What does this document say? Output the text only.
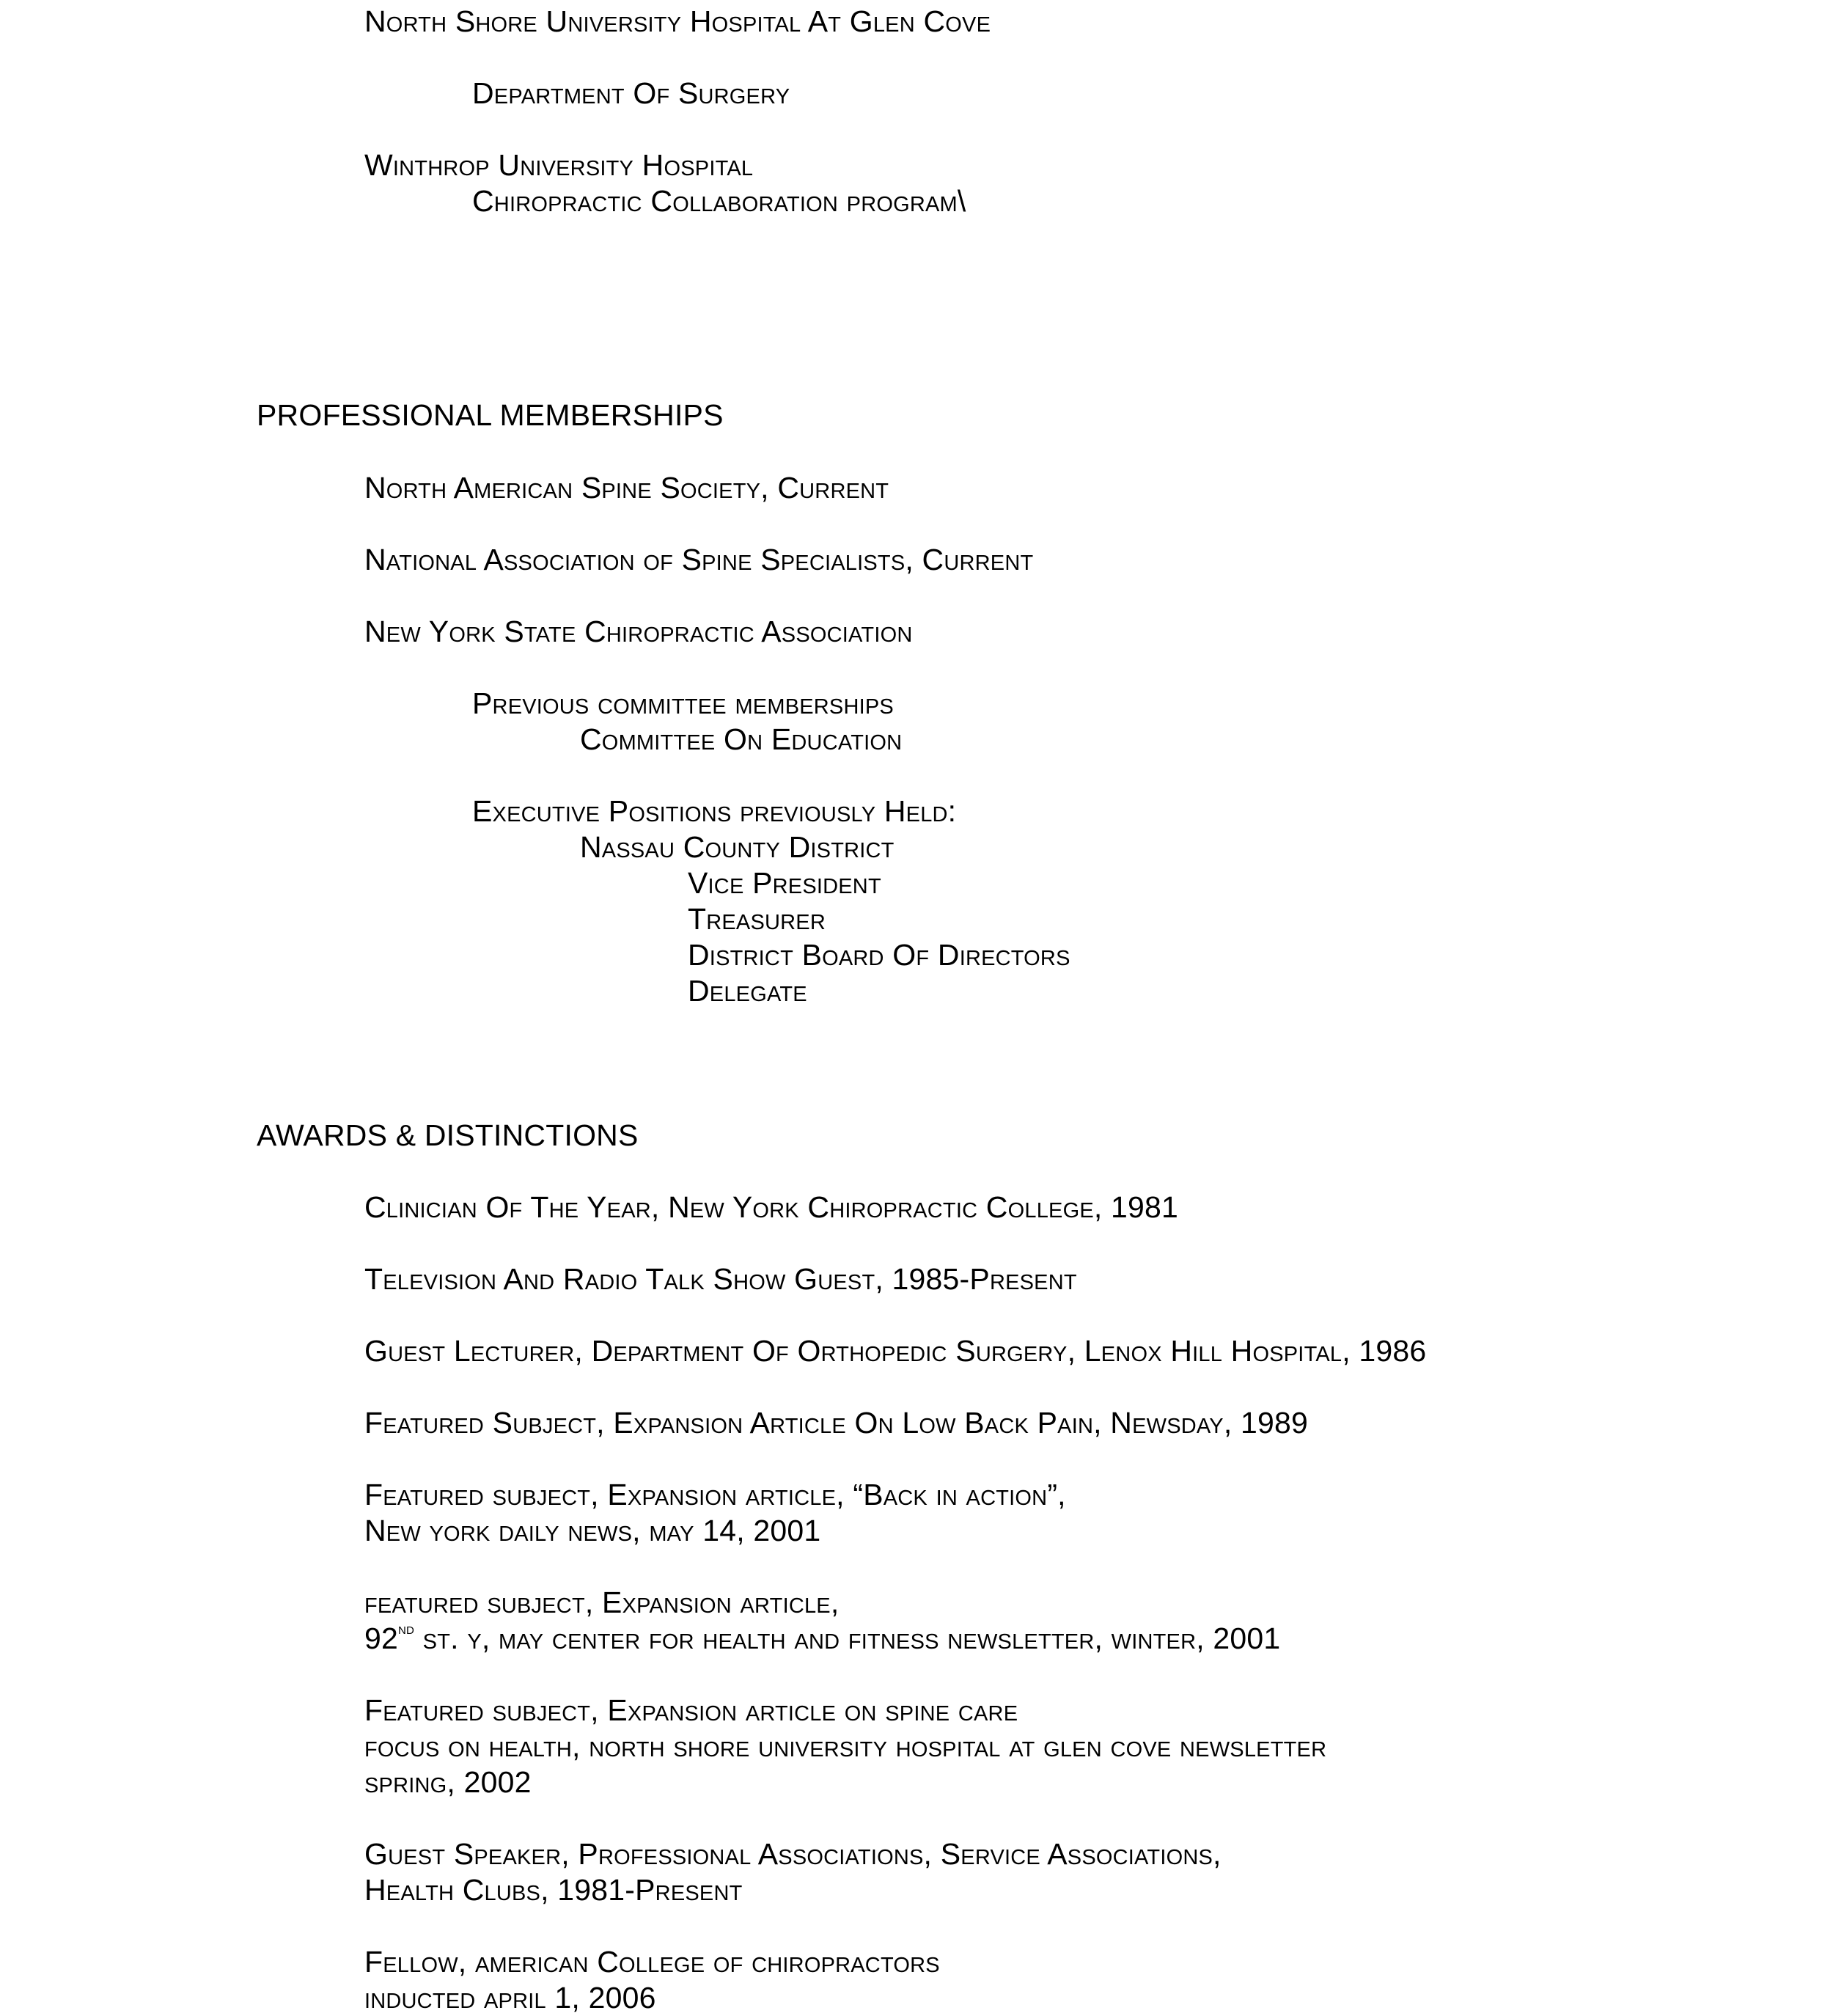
North Shore University Hospital At Glen Cove
Department Of Surgery
Winthrop University Hospital
Chiropractic Collaboration program\
PROFESSIONAL MEMBERSHIPS
North American Spine Society, Current
National Association of Spine Specialists, Current
New York State Chiropractic Association
Previous committee memberships
Committee On Education
Executive Positions previously Held:
Nassau County District
Vice President
Treasurer
District Board Of Directors
Delegate
AWARDS & DISTINCTIONS
Clinician Of The Year, New York Chiropractic College, 1981
Television And Radio Talk Show Guest, 1985-Present
Guest Lecturer, Department Of Orthopedic Surgery, Lenox Hill Hospital, 1986
Featured Subject, Expansion Article On Low Back Pain, Newsday, 1989
Featured subject, Expansion article, “Back in action”,
New york daily news, may 14, 2001
featured subject, Expansion article,
92nd st. y, may center for health and fitness newsletter, winter, 2001
Featured subject, Expansion article on spine care
focus on health, north shore university hospital at glen cove newsletter
spring, 2002
Guest Speaker, Professional Associations, Service Associations,
Health Clubs, 1981-Present
Fellow, american College of chiropractors
inducted april 1, 2006
